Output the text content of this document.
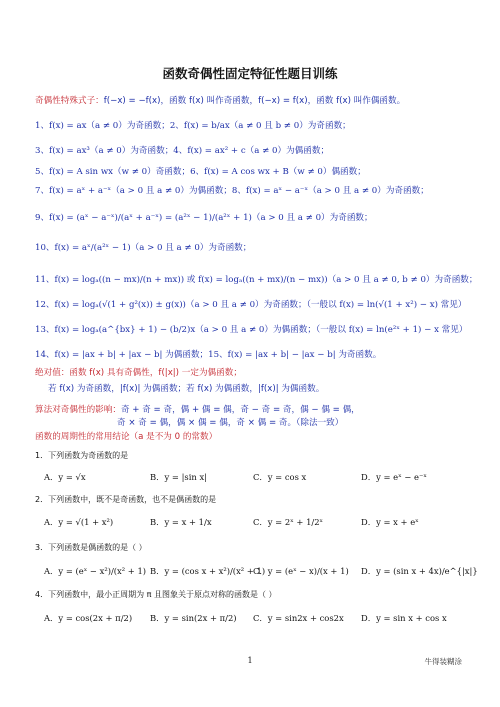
函数奇偶性固定特征性题目训练
奇偶性特殊式子：f(−x) = −f(x)，函数 f(x) 叫作奇函数，f(−x) = f(x)，函数 f(x) 叫作偶函数。
1、f(x) = ax（a ≠ 0）为奇函数；2、f(x) = b/ax（a ≠ 0 且 b ≠ 0）为奇函数；
3、f(x) = ax³（a ≠ 0）为奇函数；4、f(x) = ax² + c（a ≠ 0）为偶函数；
5、f(x) = A sin wx（w ≠ 0）奇函数；6、f(x) = A cos wx + B（w ≠ 0）偶函数；
7、f(x) = aˣ + a⁻ˣ（a > 0 且 a ≠ 0）为偶函数；8、f(x) = aˣ − a⁻ˣ（a > 0 且 a ≠ 0）为奇函数；
9、f(x) = (aˣ − a⁻ˣ)/(aˣ + a⁻ˣ) = (a²ˣ − 1)/(a²ˣ + 1)（a > 0 且 a ≠ 0）为奇函数；
10、f(x) = aˣ/(a²ˣ − 1)（a > 0 且 a ≠ 0）为奇函数；
11、f(x) = logₐ((n − mx)/(n + mx)) 或 f(x) = logₐ((n + mx)/(n − mx))（a > 0 且 a ≠ 0, b ≠ 0）为奇函数；
12、f(x) = logₐ(√(1 + g²(x)) ± g(x))（a > 0 且 a ≠ 0）为奇函数；（一般以 f(x) = ln(√(1 + x²) − x) 常见）
13、f(x) = logₐ(a^{bx} + 1) − (b/2)x（a > 0 且 a ≠ 0）为偶函数；（一般以 f(x) = ln(e²ˣ + 1) − x 常见）
14、f(x) = |ax + b| + |ax − b| 为偶函数；15、f(x) = |ax + b| − |ax − b| 为奇函数。
绝对值：函数 f(x) 具有奇偶性，f(|x|) 一定为偶函数；
若 f(x) 为奇函数，|f(x)| 为偶函数；若 f(x) 为偶函数，|f(x)| 为偶函数。
算法对奇偶性的影响：奇 + 奇 = 奇，偶 + 偶 = 偶，奇 − 奇 = 奇，偶 − 偶 = 偶，
奇 × 奇 = 偶，偶 × 偶 = 偶，奇 × 偶 = 奇。（除法一致）
函数的周期性的常用结论（a 是不为 0 的常数）
1．下列函数为奇函数的是
A．y = √x	B．y = |sin x|	C．y = cos x	D．y = eˣ − e⁻ˣ
2．下列函数中，既不是奇函数，也不是偶函数的是
A．y = √(1 + x²)	B．y = x + 1/x	C．y = 2ˣ + 1/2ˣ	D．y = x + eˣ
3．下列函数是偶函数的是（ ）
A．y = (eˣ − x²)/(x² + 1) B．y = (cos x + x²)/(x² + 1)
C．y = (eˣ − x)/(x + 1) D．y = (sin x + 4x)/e^{|x|}
4．下列函数中，最小正周期为 π 且图象关于原点对称的函数是（ ）
A．y = cos(2x + π/2) B．y = sin(2x + π/2) C．y = sin2x + cos2x D．y = sin x + cos x
1	牛得装糊涂
